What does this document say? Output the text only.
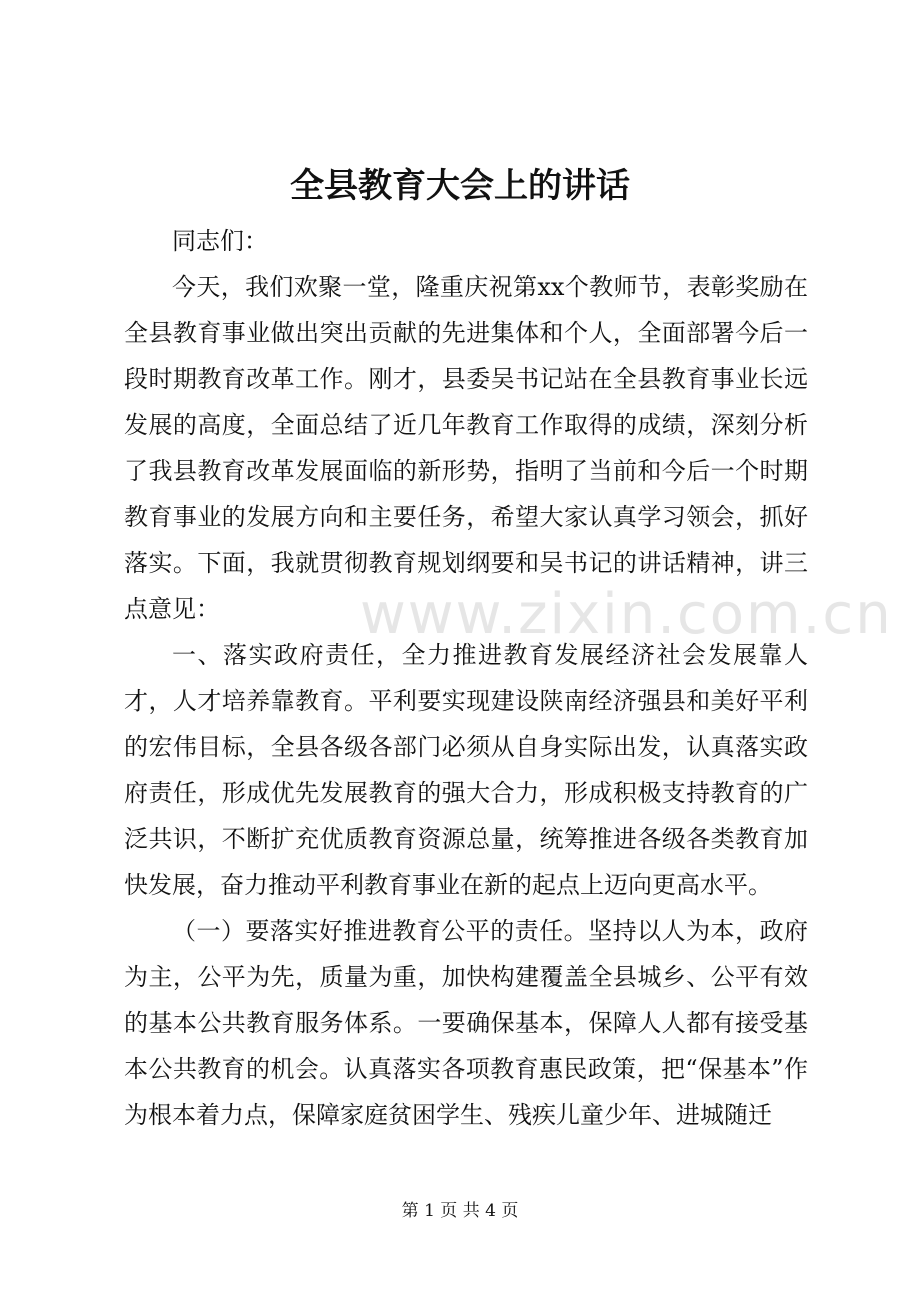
www.zixin.com.cn
全县教育大会上的讲话

同志们：

今天，我们欢聚一堂，隆重庆祝第xx个教师节，表彰奖励在全县教育事业做出突出贡献的先进集体和个人，全面部署今后一段时期教育改革工作。刚才，县委吴书记站在全县教育事业长远发展的高度，全面总结了近几年教育工作取得的成绩，深刻分析了我县教育改革发展面临的新形势，指明了当前和今后一个时期教育事业的发展方向和主要任务，希望大家认真学习领会，抓好落实。下面，我就贯彻教育规划纲要和吴书记的讲话精神，讲三点意见：

一、落实政府责任，全力推进教育发展经济社会发展靠人才，人才培养靠教育。平利要实现建设陕南经济强县和美好平利的宏伟目标，全县各级各部门必须从自身实际出发，认真落实政府责任，形成优先发展教育的强大合力，形成积极支持教育的广泛共识，不断扩充优质教育资源总量，统筹推进各级各类教育加快发展，奋力推动平利教育事业在新的起点上迈向更高水平。

（一）要落实好推进教育公平的责任。坚持以人为本，政府为主，公平为先，质量为重，加快构建覆盖全县城乡、公平有效的基本公共教育服务体系。一要确保基本，保障人人都有接受基本公共教育的机会。认真落实各项教育惠民政策，把“保基本”作为根本着力点，保障家庭贫困学生、残疾儿童少年、进城随迁

第 1 页 共 4 页
